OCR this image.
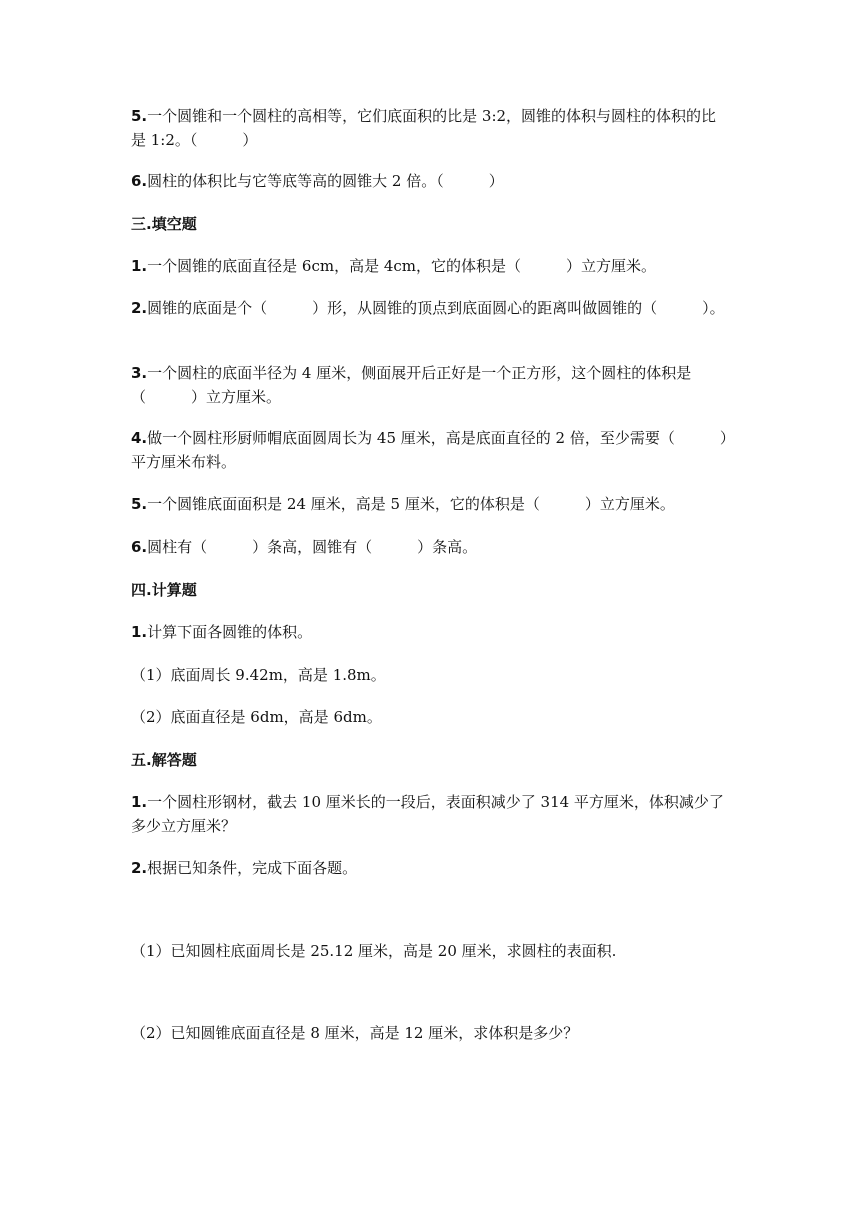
5.一个圆锥和一个圆柱的高相等，它们底面积的比是 3:2，圆锥的体积与圆柱的体积的比是 1:2。（　　　）

6.圆柱的体积比与它等底等高的圆锥大 2 倍。（　　　）

三.填空题

1.一个圆锥的底面直径是 6cm，高是 4cm，它的体积是（　　　）立方厘米。

2.圆锥的底面是个（　　　）形，从圆锥的顶点到底面圆心的距离叫做圆锥的（　　　）。

3.一个圆柱的底面半径为 4 厘米，侧面展开后正好是一个正方形，这个圆柱的体积是（　　　）立方厘米。

4.做一个圆柱形厨师帽底面圆周长为 45 厘米，高是底面直径的 2 倍，至少需要（　　　）平方厘米布料。

5.一个圆锥底面面积是 24 厘米，高是 5 厘米，它的体积是（　　　）立方厘米。

6.圆柱有（　　　）条高，圆锥有（　　　）条高。

四.计算题

1.计算下面各圆锥的体积。

（1）底面周长 9.42m，高是 1.8m。

（2）底面直径是 6dm，高是 6dm。

五.解答题

1.一个圆柱形钢材，截去 10 厘米长的一段后，表面积减少了 314 平方厘米，体积减少了多少立方厘米？

2.根据已知条件，完成下面各题。

（1）已知圆柱底面周长是 25.12 厘米，高是 20 厘米，求圆柱的表面积.

（2）已知圆锥底面直径是 8 厘米，高是 12 厘米，求体积是多少？
